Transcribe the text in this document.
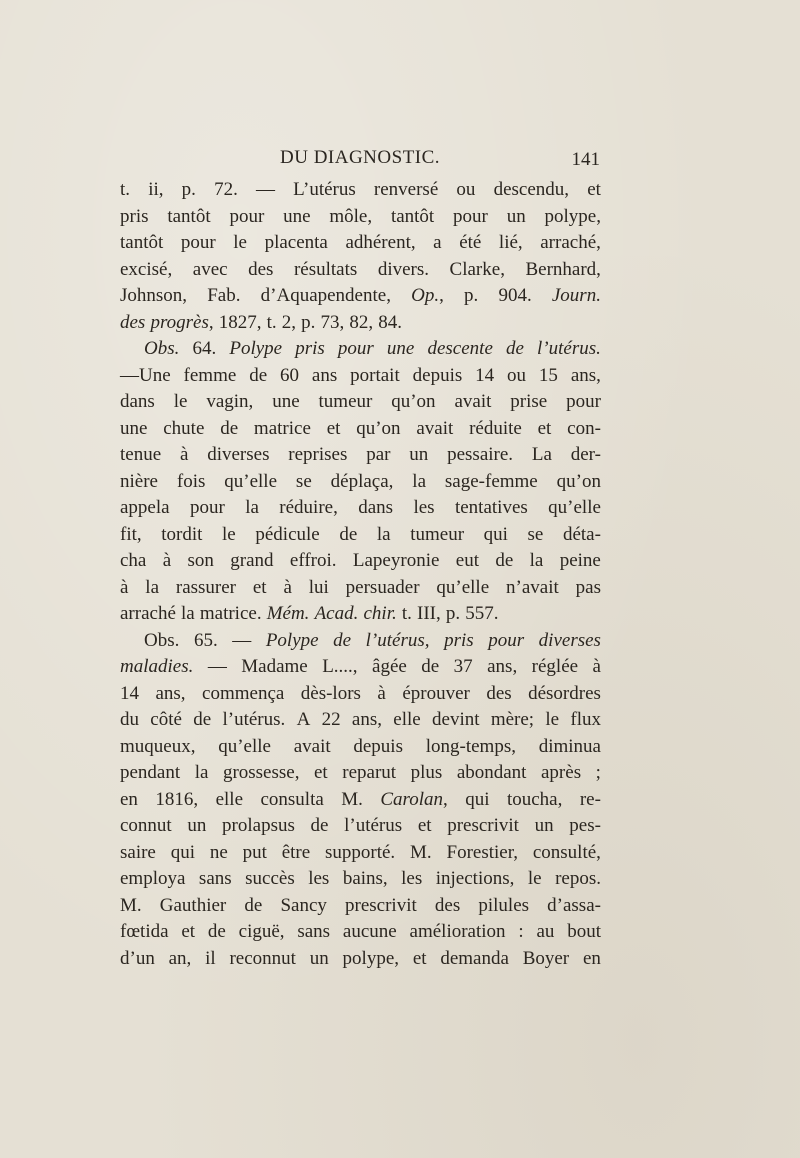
DU DIAGNOSTIC.	141
t. ii, p. 72. — L’utérus renversé ou descendu, et
pris tantôt pour une môle, tantôt pour un polype,
tantôt pour le placenta adhérent, a été lié, arraché,
excisé, avec des résultats divers. Clarke, Bernhard,
Johnson, Fab. d’Aquapendente, Op., p. 904. Journ.
des progrès, 1827, t. 2, p. 73, 82, 84.
Obs. 64. Polype pris pour une descente de l’utérus.
—Une femme de 60 ans portait depuis 14 ou 15 ans,
dans le vagin, une tumeur qu’on avait prise pour
une chute de matrice et qu’on avait réduite et con-
tenue à diverses reprises par un pessaire. La der-
nière fois qu’elle se déplaça, la sage-femme qu’on
appela pour la réduire, dans les tentatives qu’elle
fit, tordit le pédicule de la tumeur qui se déta-
cha à son grand effroi. Lapeyronie eut de la peine
à la rassurer et à lui persuader qu’elle n’avait pas
arraché la matrice. Mém. Acad. chir. t. III, p. 557.
Obs. 65. — Polype de l’utérus, pris pour diverses
maladies. — Madame L...., âgée de 37 ans, réglée à
14 ans, commença dès-lors à éprouver des désordres
du côté de l’utérus. A 22 ans, elle devint mère; le flux
muqueux, qu’elle avait depuis long-temps, diminua
pendant la grossesse, et reparut plus abondant après ;
en 1816, elle consulta M. Carolan, qui toucha, re-
connut un prolapsus de l’utérus et prescrivit un pes-
saire qui ne put être supporté. M. Forestier, consulté,
employa sans succès les bains, les injections, le repos.
M. Gauthier de Sancy prescrivit des pilules d’assa-
fœtida et de ciguë, sans aucune amélioration : au bout
d’un an, il reconnut un polype, et demanda Boyer en
